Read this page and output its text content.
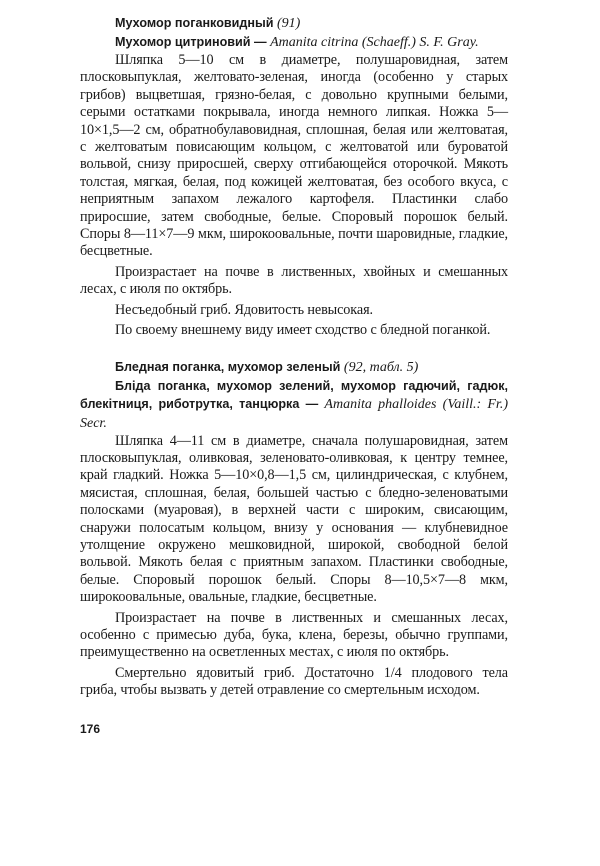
Мухомор поганковидный (91)

Мухомор цитриновий — Amanita citrina (Schaeff.) S. F. Gray.

Шляпка 5—10 см в диаметре, полушаровидная, затем плосковыпуклая, желтовато-зеленая, иногда (особенно у старых грибов) выцветшая, грязно-белая, с довольно крупными белыми, серыми остатками покрывала, иногда немного липкая. Ножка 5—10×1,5—2 см, обратнобулавовидная, сплошная, белая или желтоватая, с желтоватым повисающим кольцом, с желтоватой или буроватой вольвой, снизу приросшей, сверху отгибающейся оторочкой. Мякоть толстая, мягкая, белая, под кожицей желтоватая, без особого вкуса, с неприятным запахом лежалого картофеля. Пластинки слабо приросшие, затем свободные, белые. Споровый порошок белый. Споры 8—11×7—9 мкм, широкоовальные, почти шаровидные, гладкие, бесцветные.

Произрастает на почве в лиственных, хвойных и смешанных лесах, с июля по октябрь.

Несъедобный гриб. Ядовитость невысокая.

По своему внешнему виду имеет сходство с бледной поганкой.

Бледная поганка, мухомор зеленый (92, табл. 5)

Бліда поганка, мухомор зелений, мухомор гадючий, гадюк, блекітниця, риботрутка, танцюрка — Amanita phalloides (Vaill.: Fr.) Secr.

Шляпка 4—11 см в диаметре, сначала полушаровидная, затем плосковыпуклая, оливковая, зеленовато-оливковая, к центру темнее, край гладкий. Ножка 5—10×0,8—1,5 см, цилиндрическая, с клубнем, мясистая, сплошная, белая, большей частью с бледно-зеленоватыми полосками (муаровая), в верхней части с широким, свисающим, снаружи полосатым кольцом, внизу у основания — клубневидное утолщение окружено мешковидной, широкой, свободной белой вольвой. Мякоть белая с приятным запахом. Пластинки свободные, белые. Споровый порошок белый. Споры 8—10,5×7—8 мкм, широкоовальные, овальные, гладкие, бесцветные.

Произрастает на почве в лиственных и смешанных лесах, особенно с примесью дуба, бука, клена, березы, обычно группами, преимущественно на осветленных местах, с июля по октябрь.

Смертельно ядовитый гриб. Достаточно 1/4 плодового тела гриба, чтобы вызвать у детей отравление со смертельным исходом.

176
